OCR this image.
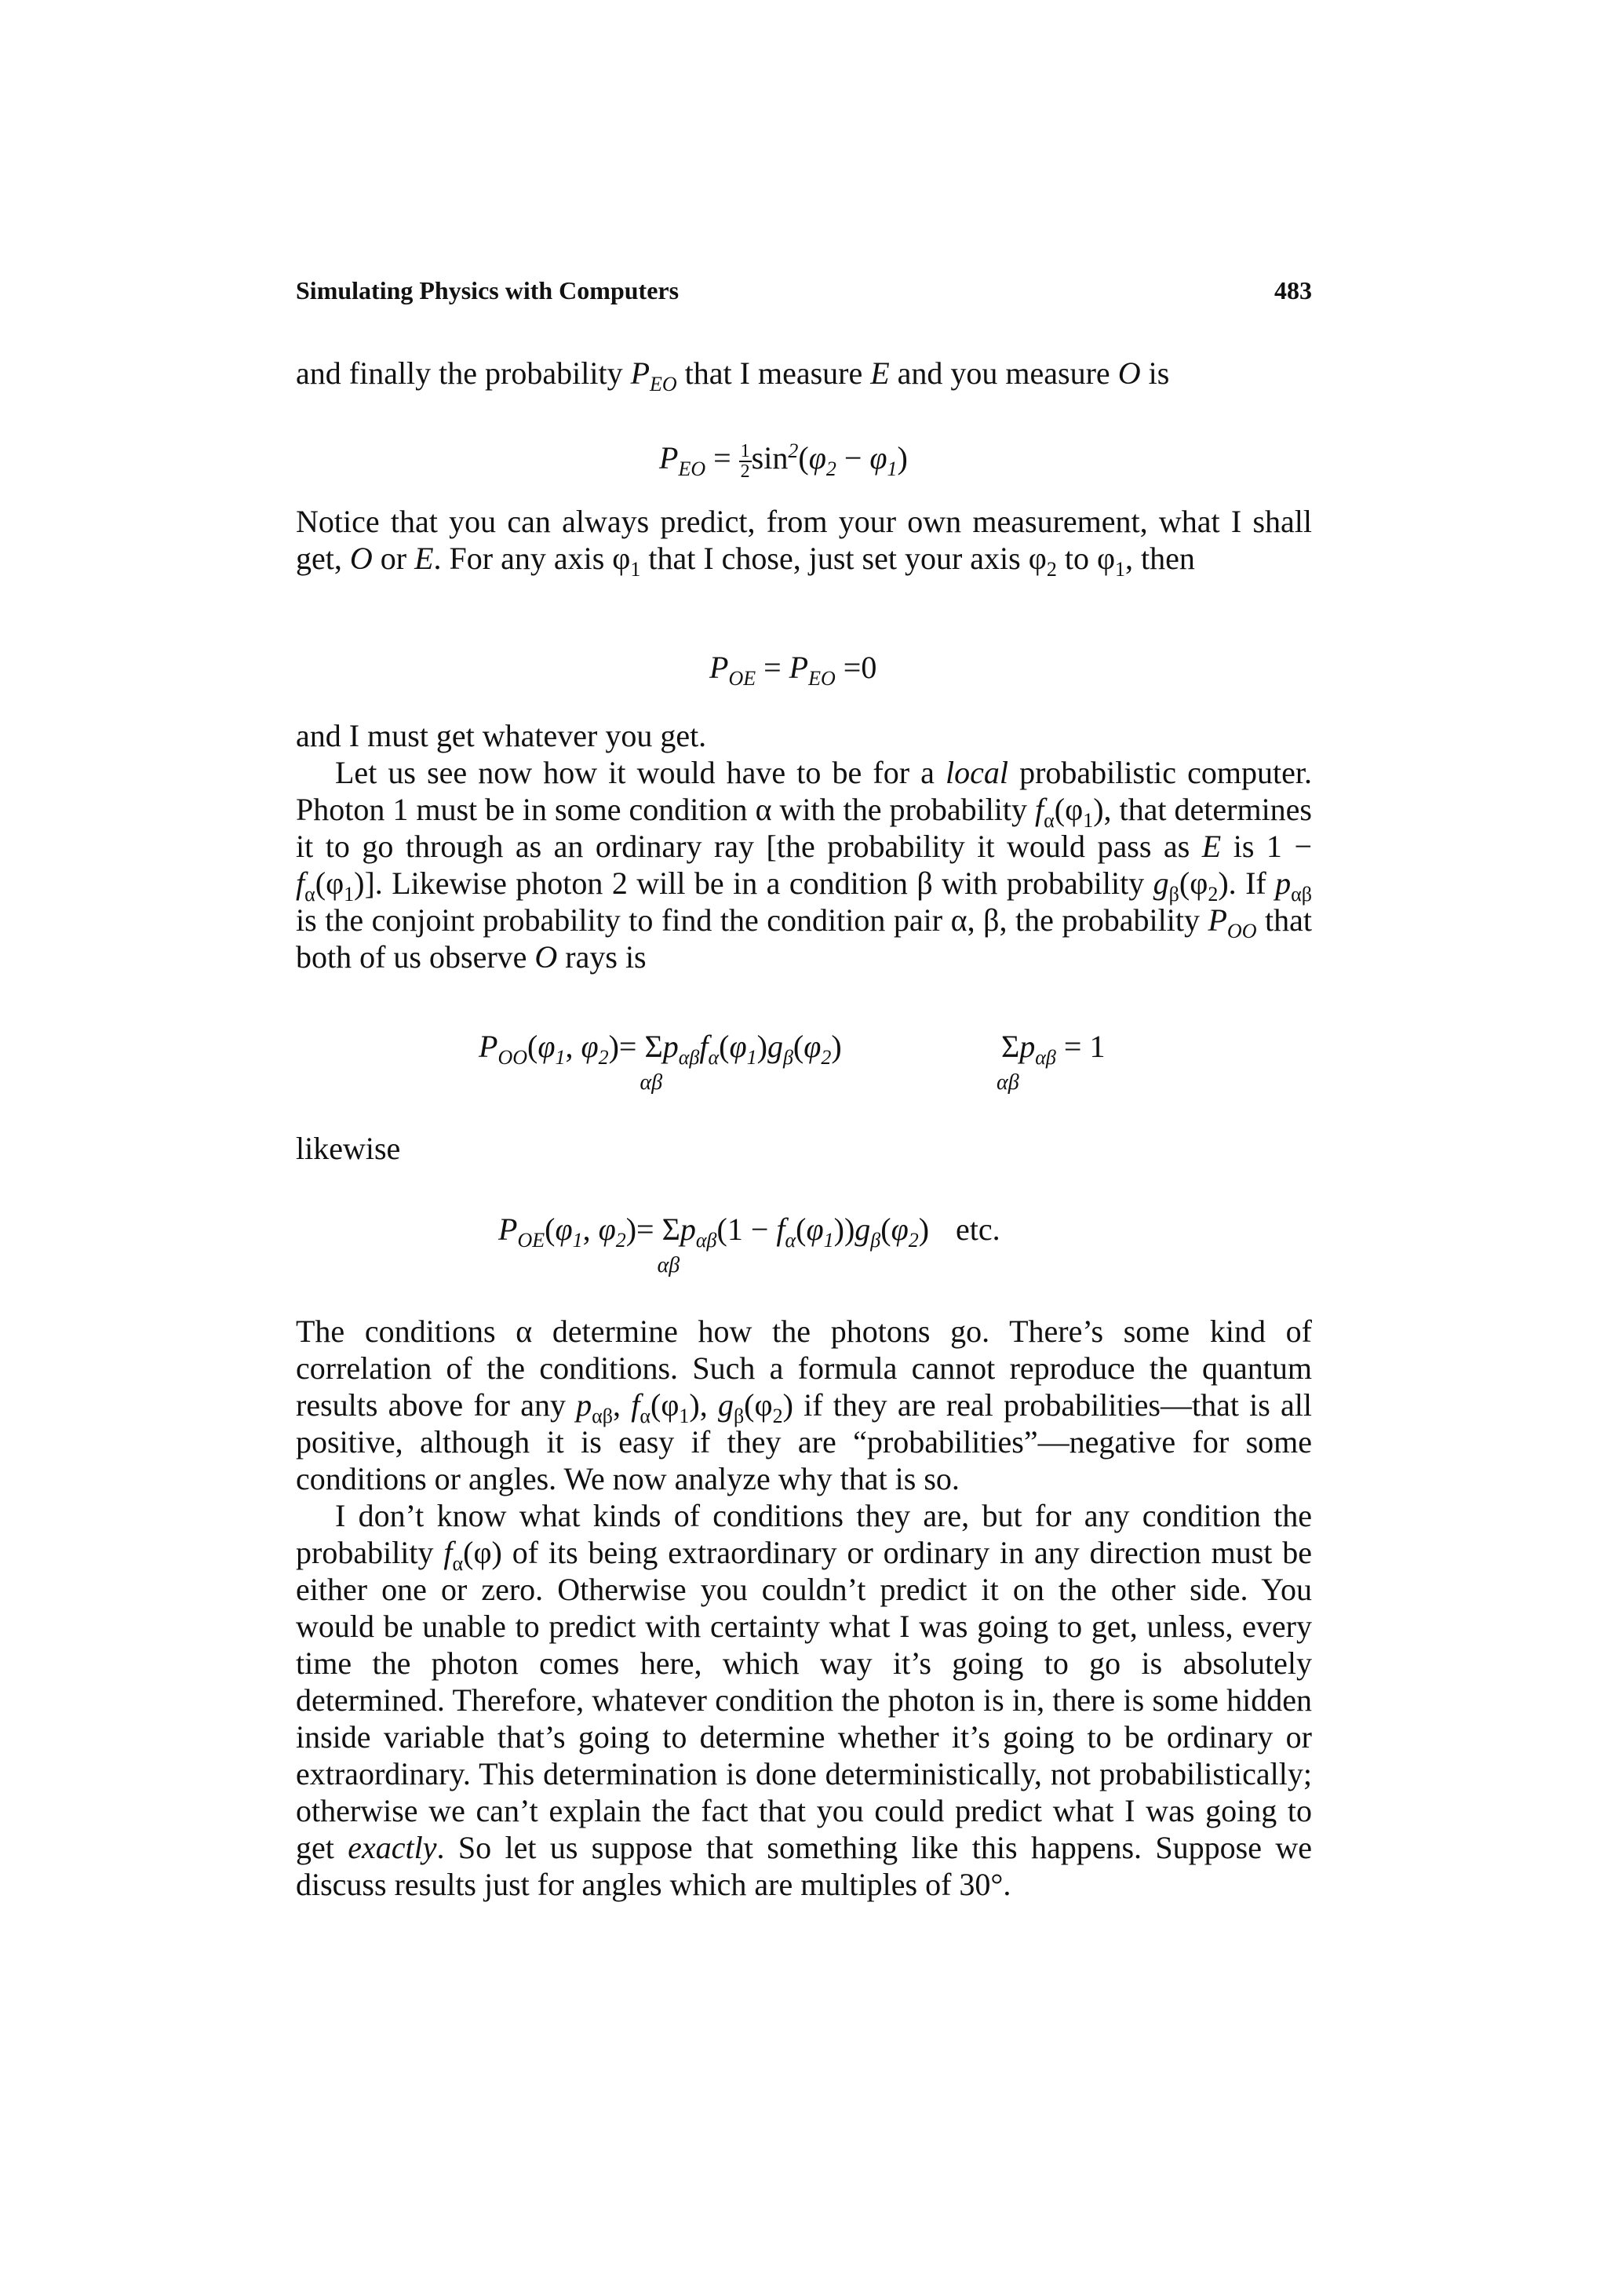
Simulating Physics with Computers	483

and finally the probability $P_{EO}$ that I measure E and you measure O is

$P_{EO} = \frac{1}{2} \sin^2(\varphi_2 - \varphi_1)$

Notice that you can always predict, from your own measurement, what I shall get, O or E. For any axis $\varphi_1$ that I chose, just set your axis $\varphi_2$ to $\varphi_1$, then

$P_{OE} = P_{EO} =0$

and I must get whatever you get.

Let us see now how it would have to be for a local probabilistic computer. Photon 1 must be in some condition α with the probability $f_\alpha(\varphi_1)$, that determines it to go through as an ordinary ray [the probability it would pass as E is $1 - f_\alpha(\varphi_1)$]. Likewise photon 2 will be in a condition β with probability $g_\beta(\varphi_2)$. If $p_{\alpha\beta}$ is the conjoint probability to find the condition pair α, β, the probability $P_{OO}$ that both of us observe O rays is

$P_{OO}(\varphi_1$, $\varphi_2)= \Sigma$
αβ
$p_{\alpha\beta}f_\alpha(\varphi_1)g_\beta(\varphi_2)$	Σ
αβ
$p_{\alpha\beta} = 1$
likewise
$P_{OE}(\varphi_1$, $\varphi_2)= \Sigma$
αβ
$p_{\alpha\beta}(1 - f_\alpha(\varphi_1))g_\beta(\varphi_2)$ etc.

The conditions α determine how the photons go. There’s some kind of correlation of the conditions. Such a formula cannot reproduce the quantum results above for any $p_{\alpha\beta}$, $f_\alpha(\varphi_1)$, $g_\beta(\varphi_2)$ if they are real probabilities—that is all positive, although it is easy if they are “probabilities”—negative for some conditions or angles. We now analyze why that is so.

I don’t know what kinds of conditions they are, but for any condition the probability $f_\alpha(\varphi)$ of its being extraordinary or ordinary in any direction must be either one or zero. Otherwise you couldn’t predict it on the other side. You would be unable to predict with certainty what I was going to get, unless, every time the photon comes here, which way it’s going to go is absolutely determined. Therefore, whatever condition the photon is in, there is some hidden inside variable that’s going to determine whether it’s going to be ordinary or extraordinary. This determination is done deterministically, not probabilistically; otherwise we can’t explain the fact that you could predict what I was going to get exactly. So let us suppose that something like this happens. Suppose we discuss results just for angles which are multiples of 30°.
